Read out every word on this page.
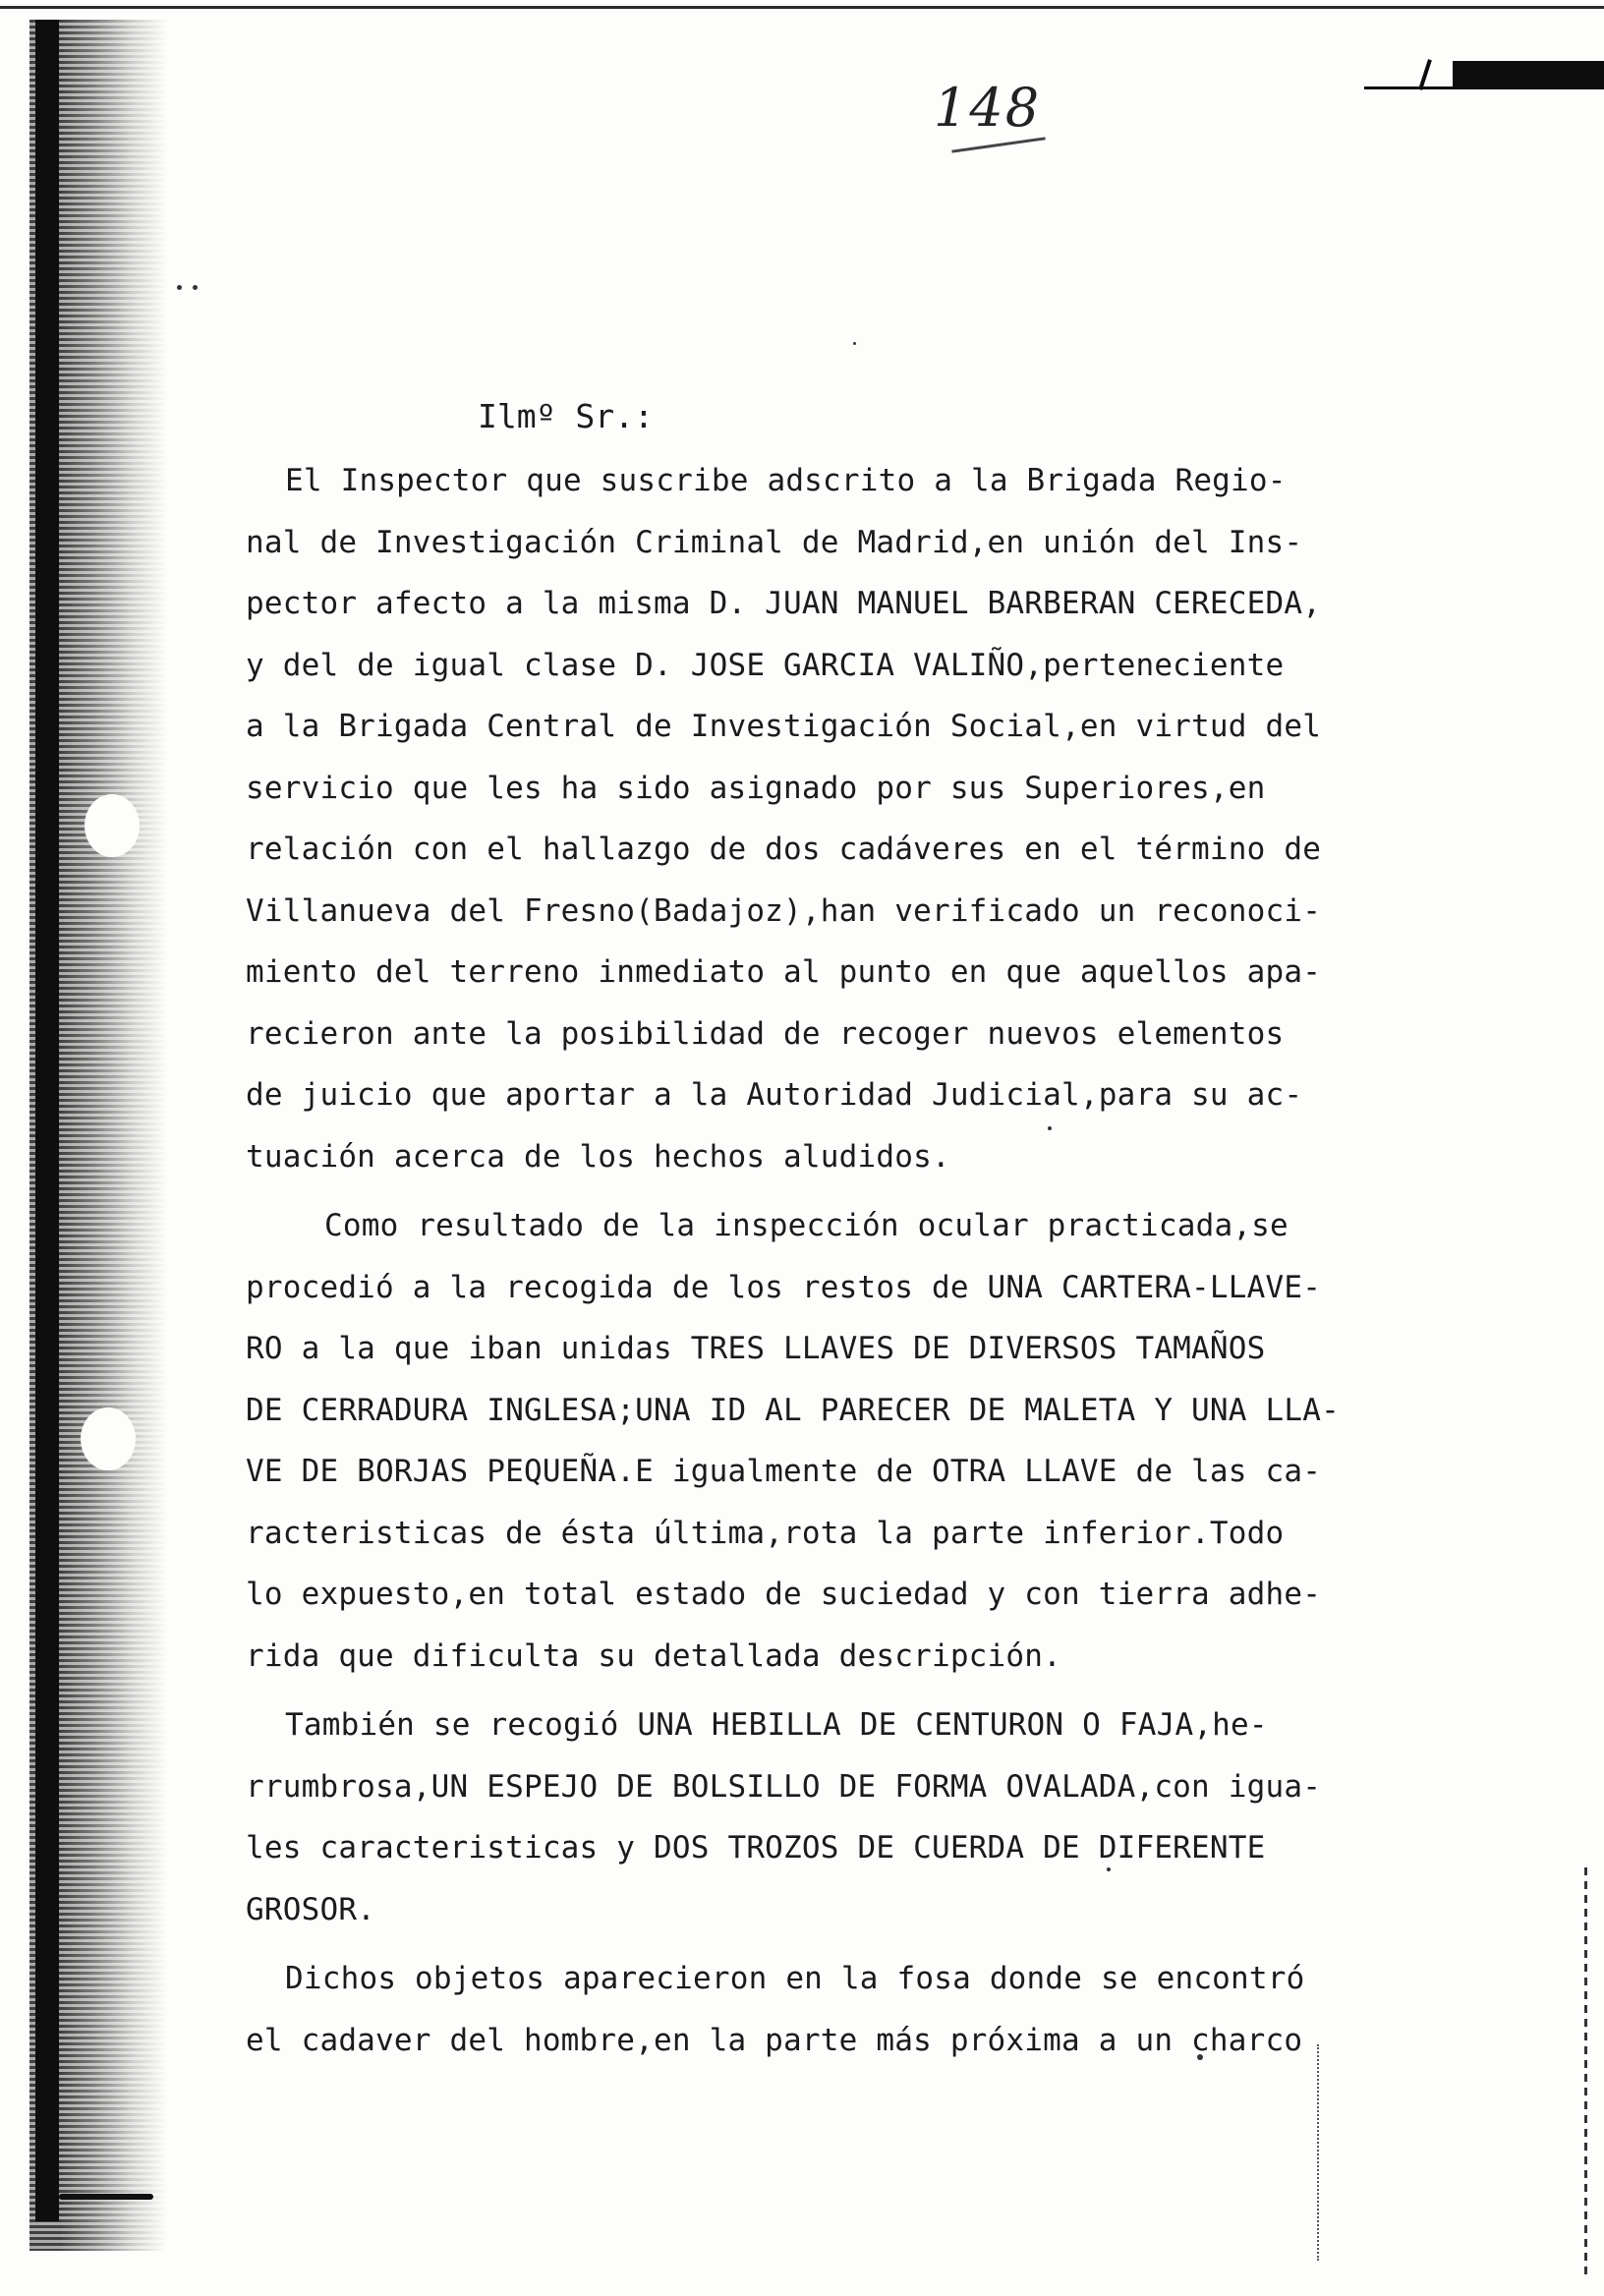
148
Ilmº Sr.:
El Inspector que suscribe adscrito a la Brigada Regio-
nal de Investigación Criminal de Madrid,en unión del Ins-
pector afecto a la misma D. JUAN MANUEL BARBERAN CERECEDA,
y del de igual clase D. JOSE GARCIA VALIÑO,perteneciente
a la Brigada Central de Investigación Social,en virtud del
servicio que les ha sido asignado por sus Superiores,en
relación con el hallazgo de dos cadáveres en el término de
Villanueva del Fresno(Badajoz),han verificado un reconoci-
miento del terreno inmediato al punto en que aquellos apa-
recieron ante la posibilidad de recoger nuevos elementos
de juicio que aportar a la Autoridad Judicial,para su ac-
tuación acerca de los hechos aludidos.
Como resultado de la inspección ocular practicada,se
procedió a la recogida de los restos de UNA CARTERA-LLAVE-
RO a la que iban unidas TRES LLAVES DE DIVERSOS TAMAÑOS
DE CERRADURA INGLESA;UNA ID AL PARECER DE MALETA Y UNA LLA-
VE DE BORJAS PEQUEÑA.E igualmente de OTRA LLAVE de las ca-
racteristicas de ésta última,rota la parte inferior.Todo
lo expuesto,en total estado de suciedad y con tierra adhe-
rida que dificulta su detallada descripción.
También se recogió UNA HEBILLA DE CENTURON O FAJA,he-
rrumbrosa,UN ESPEJO DE BOLSILLO DE FORMA OVALADA,con igua-
les caracteristicas y DOS TROZOS DE CUERDA DE DIFERENTE
GROSOR.
Dichos objetos aparecieron en la fosa donde se encontró
el cadaver del hombre,en la parte más próxima a un charco
